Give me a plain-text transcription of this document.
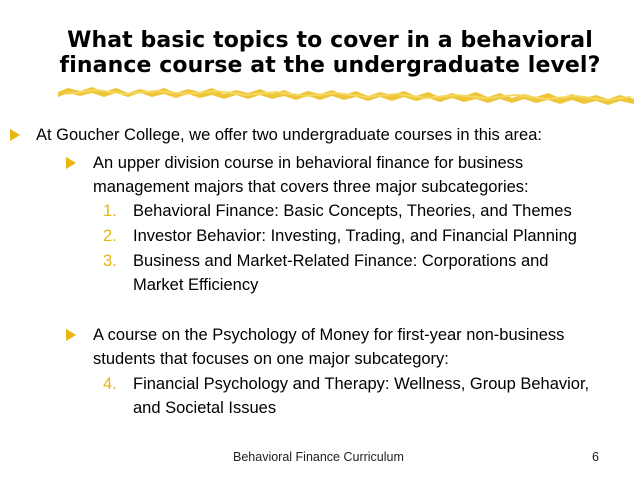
What basic topics to cover in a behavioral
finance course at the undergraduate level?
At Goucher College, we offer two undergraduate courses in this area:
An upper division course in behavioral finance for business
management majors that covers three major subcategories:
1. Behavioral Finance: Basic Concepts, Theories, and Themes
2. Investor Behavior: Investing, Trading, and Financial Planning
3. Business and Market-Related Finance: Corporations and
Market Efficiency
A course on the Psychology of Money for first-year non-business
students that focuses on one major subcategory:
4. Financial Psychology and Therapy: Wellness, Group Behavior,
and Societal Issues
Behavioral Finance Curriculum	6
